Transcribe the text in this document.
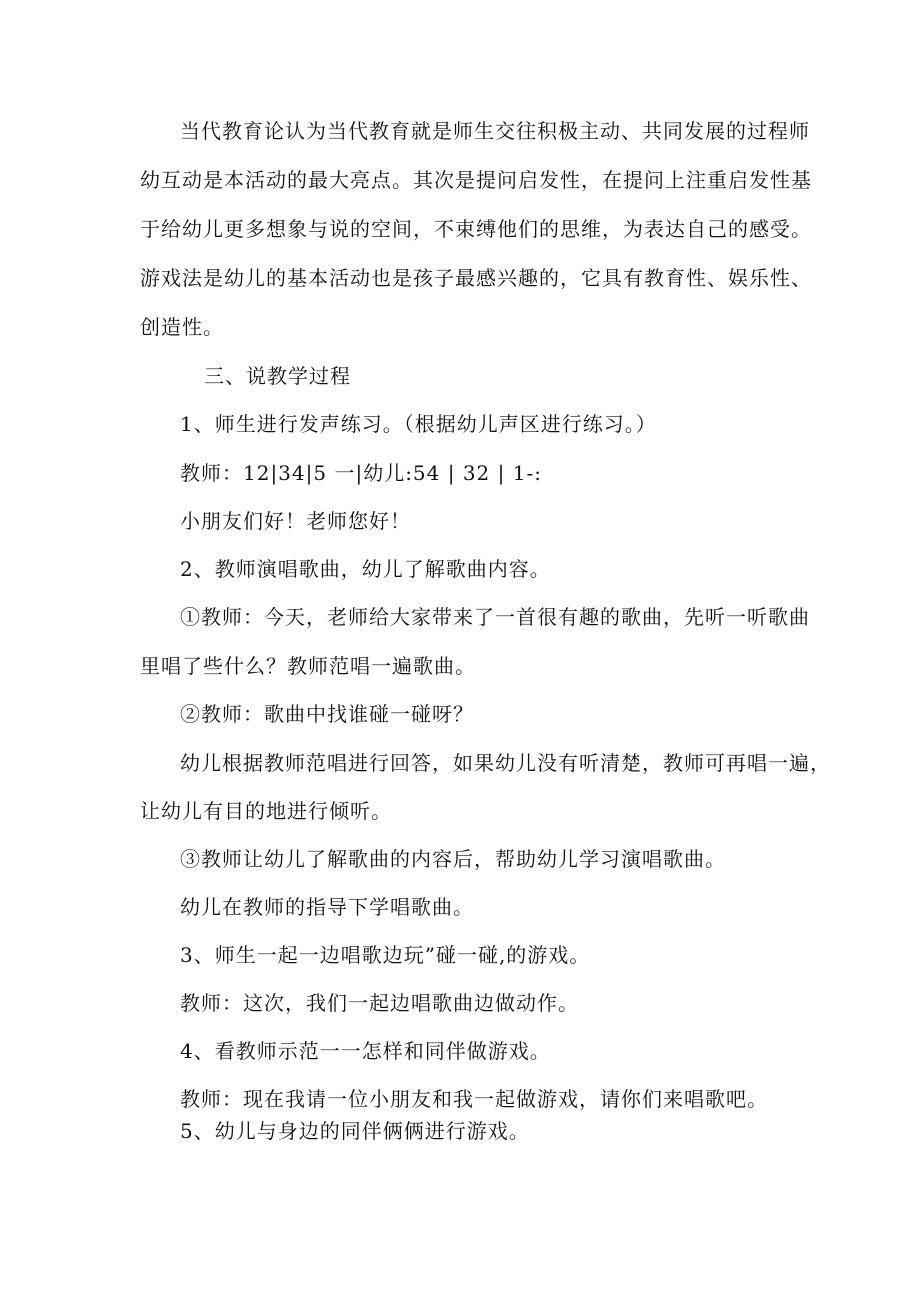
当代教育论认为当代教育就是师生交往积极主动、共同发展的过程师
幼互动是本活动的最大亮点。其次是提问启发性，在提问上注重启发性基
于给幼儿更多想象与说的空间，不束缚他们的思维，为表达自己的感受。
游戏法是幼儿的基本活动也是孩子最感兴趣的，它具有教育性、娱乐性、
创造性。
三、说教学过程
1、师生进行发声练习。（根据幼儿声区进行练习。）
教师：12|34|5 一|幼儿:54 | 32 | 1-:
小朋友们好！老师您好！
2、教师演唱歌曲，幼儿了解歌曲内容。
①教师：今天，老师给大家带来了一首很有趣的歌曲，先听一听歌曲
里唱了些什么？教师范唱一遍歌曲。
②教师：歌曲中找谁碰一碰呀？
幼儿根据教师范唱进行回答，如果幼儿没有听清楚，教师可再唱一遍，
让幼儿有目的地进行倾听。
③教师让幼儿了解歌曲的内容后，帮助幼儿学习演唱歌曲。
幼儿在教师的指导下学唱歌曲。
3、师生一起一边唱歌边玩”碰一碰,的游戏。
教师：这次，我们一起边唱歌曲边做动作。
4、看教师示范一一怎样和同伴做游戏。
教师：现在我请一位小朋友和我一起做游戏，请你们来唱歌吧。
5、幼儿与身边的同伴俩俩进行游戏。
